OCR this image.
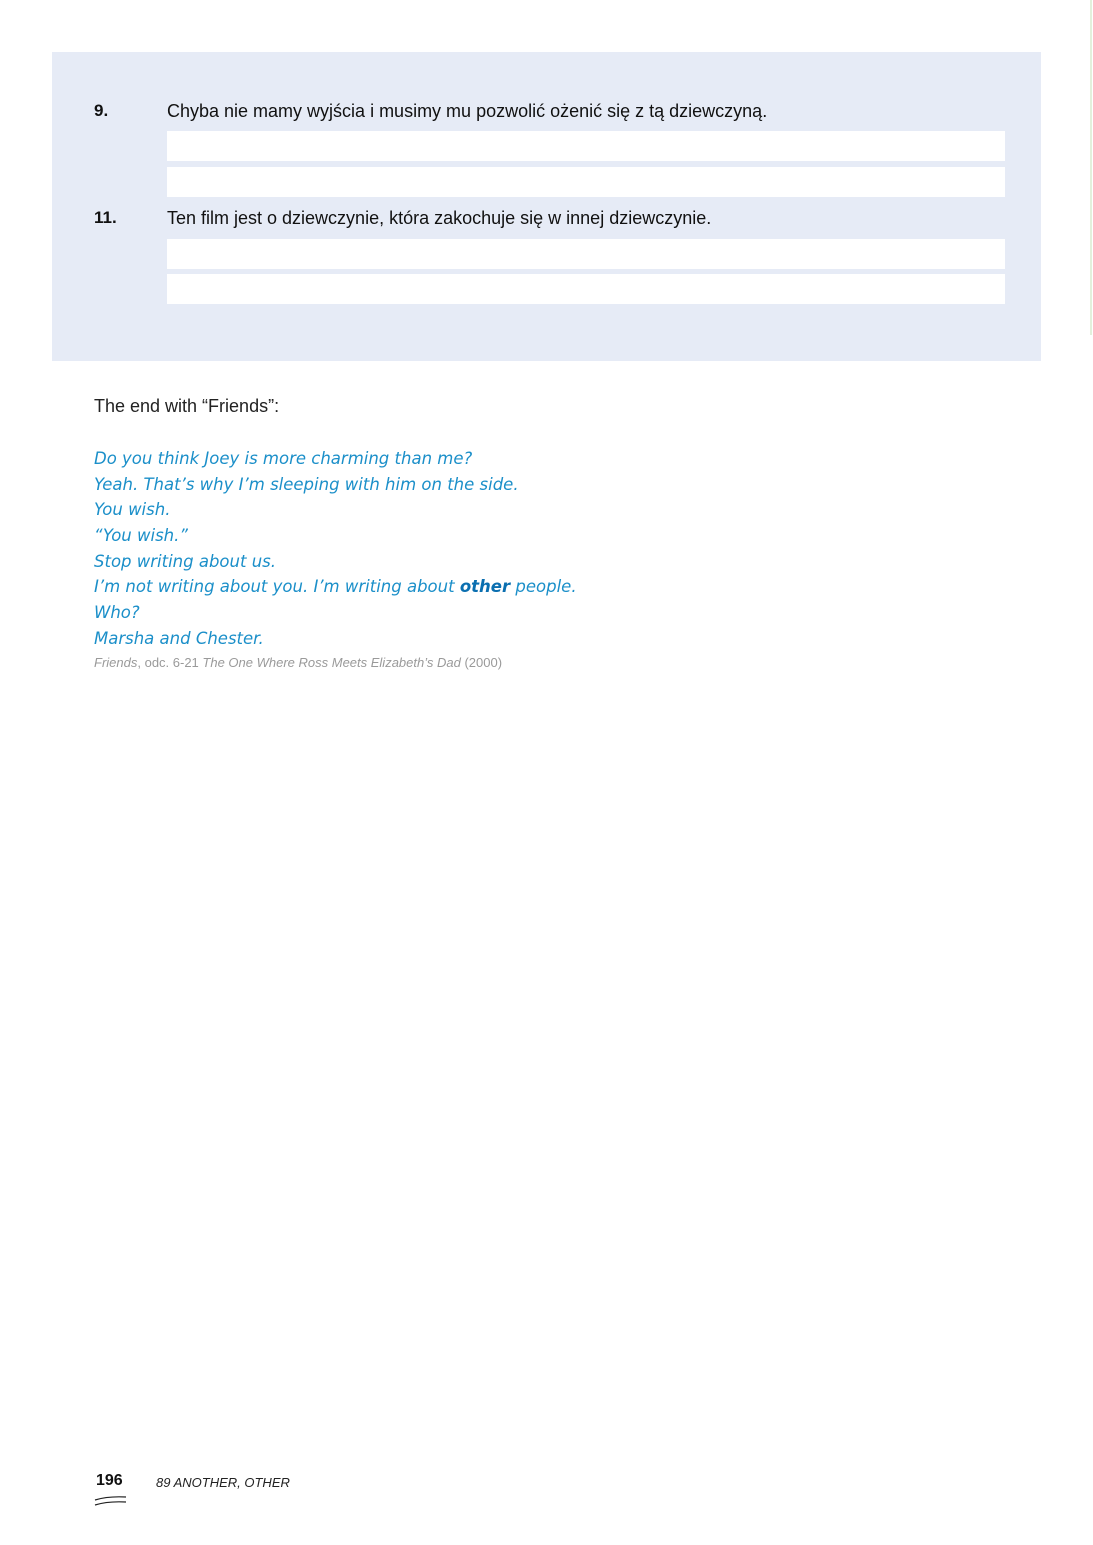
9.	Chyba nie mamy wyjścia i musimy mu pozwolić ożenić się z tą dziewczyną.
11.	Ten film jest o dziewczynie, która zakochuje się w innej dziewczynie.
The end with “Friends”:
Do you think Joey is more charming than me?
Yeah. That’s why I’m sleeping with him on the side.
You wish.
“You wish.”
Stop writing about us.
I’m not writing about you. I’m writing about other people.
Who?
Marsha and Chester.
Friends, odc. 6-21 The One Where Ross Meets Elizabeth’s Dad (2000)
196	89 ANOTHER, OTHER
